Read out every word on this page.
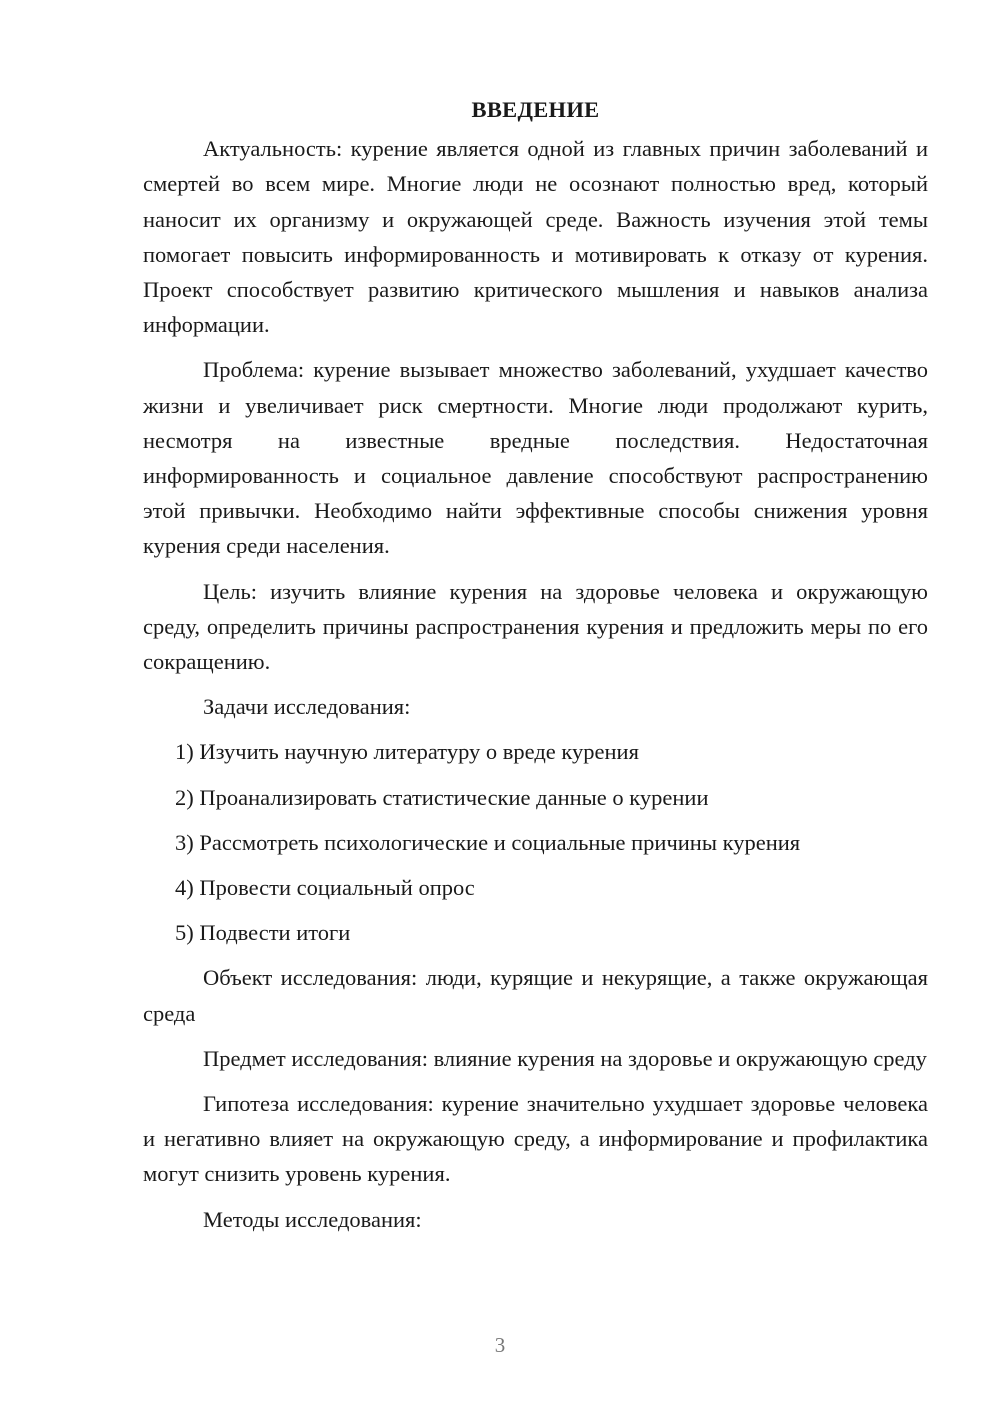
ВВЕДЕНИЕ

Актуальность: курение является одной из главных причин заболеваний и смертей во всем мире. Многие люди не осознают полностью вред, который наносит их организму и окружающей среде. Важность изучения этой темы помогает повысить информированность и мотивировать к отказу от курения. Проект способствует развитию критического мышления и навыков анализа информации.

Проблема: курение вызывает множество заболеваний, ухудшает качество жизни и увеличивает риск смертности. Многие люди продолжают курить, несмотря на известные вредные последствия. Недостаточная информированность и социальное давление способствуют распространению этой привычки. Необходимо найти эффективные способы снижения уровня курения среди населения.

Цель: изучить влияние курения на здоровье человека и окружающую среду, определить причины распространения курения и предложить меры по его сокращению.

Задачи исследования:

1) Изучить научную литературу о вреде курения

2) Проанализировать статистические данные о курении

3) Рассмотреть психологические и социальные причины курения

4) Провести социальный опрос

5) Подвести итоги

Объект исследования: люди, курящие и некурящие, а также окружающая среда

Предмет исследования: влияние курения на здоровье и окружающую среду

Гипотеза исследования: курение значительно ухудшает здоровье человека и негативно влияет на окружающую среду, а информирование и профилактика могут снизить уровень курения.

Методы исследования:

3
